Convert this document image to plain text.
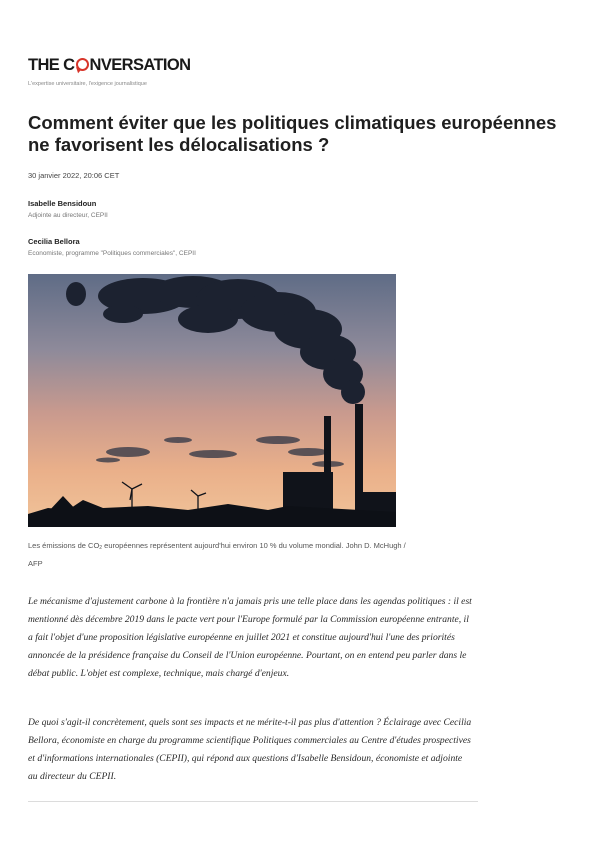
THE C NVERSATION
L'expertise universitaire, l'exigence journalistique
Comment éviter que les politiques climatiques européennes ne favorisent les délocalisations ?
30 janvier 2022, 20:06 CET
Isabelle Bensidoun
Adjointe au directeur, CEPII
Cecilia Bellora
Economiste, programme "Politiques commerciales", CEPII
Les émissions de $CO_2$ européennes représentent aujourd'hui environ 10 % du volume mondial. John D. McHugh / AFP

Le mécanisme d'ajustement carbone à la frontière n'a jamais pris une telle place dans les agendas politiques : il est mentionné dès décembre 2019 dans le pacte vert pour l'Europe formulé par la Commission européenne entrante, il a fait l'objet d'une proposition législative européenne en juillet 2021 et constitue aujourd'hui l'une des priorités annoncée de la présidence française du Conseil de l'Union européenne. Pourtant, on en entend peu parler dans le débat public. L'objet est complexe, technique, mais chargé d'enjeux.

De quoi s'agit-il concrètement, quels sont ses impacts et ne mérite-t-il pas plus d'attention ? Éclairage avec Cecilia Bellora, économiste en charge du programme scientifique Politiques commerciales au Centre d'études prospectives et d'informations internationales (CEPII), qui répond aux questions d'Isabelle Bensidoun, économiste et adjointe au directeur du CEPII.
